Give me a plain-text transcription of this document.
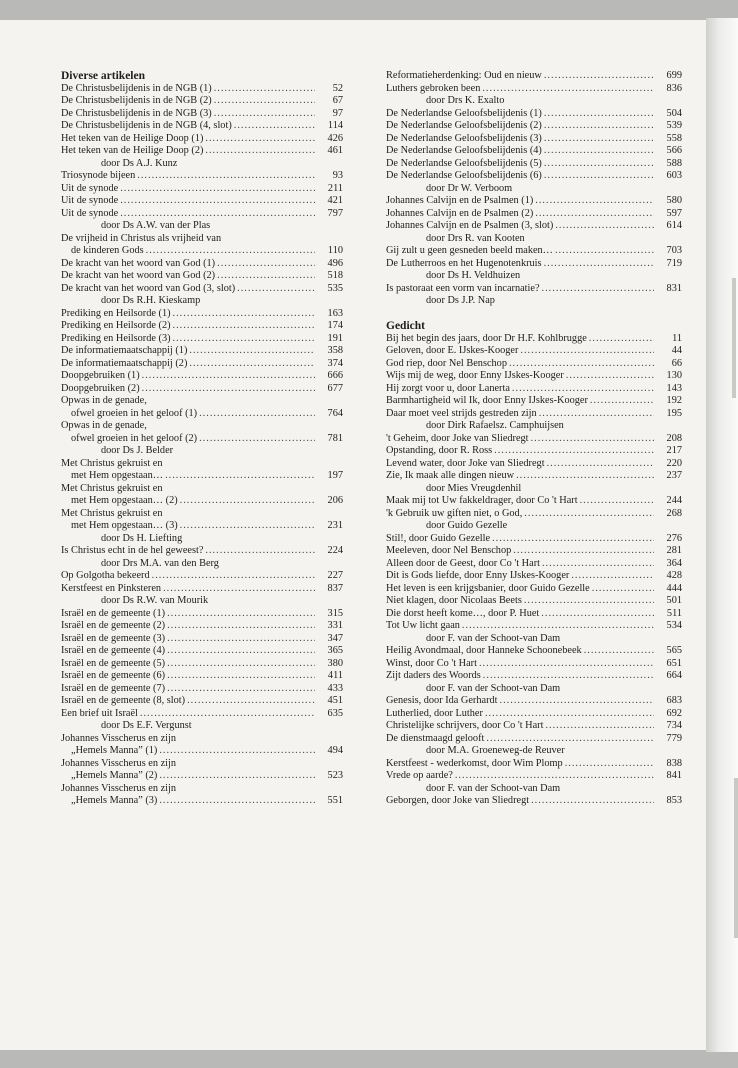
Diverse artikelen
De Christusbelijdenis in de NGB (1) .....	52
De Christusbelijdenis in de NGB (2) .....	67
De Christusbelijdenis in de NGB (3) .....	97
De Christusbelijdenis in de NGB (4, slot) .....	114
Het teken van de Heilige Doop (1) .....	426
Het teken van de Heilige Doop (2) .....	461
door Ds A.J. Kunz
Triosynode bijeen .....	93
Uit de synode .....	211
Uit de synode .....	421
Uit de synode .....	797
door Ds A.W. van der Plas
De vrijheid in Christus als vrijheid van
de kinderen Gods .....	110
De kracht van het woord van God (1) .....	496
De kracht van het woord van God (2) .....	518
De kracht van het woord van God (3, slot) .....	535
door Ds R.H. Kieskamp
Prediking en Heilsorde (1) .....	163
Prediking en Heilsorde (2) .....	174
Prediking en Heilsorde (3) .....	191
De informatiemaatschappij (1) .....	358
De informatiemaatschappij (2) .....	374
Doopgebruiken (1) .....	666
Doopgebruiken (2) .....	677
Opwas in de genade,
ofwel groeien in het geloof (1) .....	764
Opwas in de genade,
ofwel groeien in het geloof (2) .....	781
door Ds J. Belder
Met Christus gekruist en
met Hem opgestaan… .....	197
Met Christus gekruist en
met Hem opgestaan… (2) .....	206
Met Christus gekruist en
met Hem opgestaan… (3) .....	231
door Ds H. Liefting
Is Christus echt in de hel geweest? .....	224
door Drs M.A. van den Berg
Op Golgotha bekeerd .....	227
Kerstfeest en Pinksteren .....	837
door Ds R.W. van Mourik
Israël en de gemeente (1) .....	315
Israël en de gemeente (2) .....	331
Israël en de gemeente (3) .....	347
Israël en de gemeente (4) .....	365
Israël en de gemeente (5) .....	380
Israël en de gemeente (6) .....	411
Israël en de gemeente (7) .....	433
Israël en de gemeente (8, slot) .....	451
Een brief uit Israël .....	635
door Ds E.F. Vergunst
Johannes Visscherus en zijn
„Hemels Manna” (1) .....	494
Johannes Visscherus en zijn
„Hemels Manna” (2) .....	523
Johannes Visscherus en zijn
„Hemels Manna” (3) .....	551
Reformatieherdenking: Oud en nieuw .....	699
Luthers gebroken been .....	836
door Drs K. Exalto
De Nederlandse Geloofsbelijdenis (1) .....	504
De Nederlandse Geloofsbelijdenis (2) .....	539
De Nederlandse Geloofsbelijdenis (3) .....	558
De Nederlandse Geloofsbelijdenis (4) .....	566
De Nederlandse Geloofsbelijdenis (5) .....	588
De Nederlandse Geloofsbelijdenis (6) .....	603
door Dr W. Verboom
Johannes Calvijn en de Psalmen (1) .....	580
Johannes Calvijn en de Psalmen (2) .....	597
Johannes Calvijn en de Psalmen (3, slot) .....	614
door Drs R. van Kooten
Gij zult u geen gesneden beeld maken… .....	703
De Lutherroos en het Hugenotenkruis .....	719
door Ds H. Veldhuizen
Is pastoraat een vorm van incarnatie? .....	831
door Ds J.P. Nap
Gedicht
Bij het begin des jaars, door Dr H.F. Kohlbrugge .....	11
Geloven, door E. IJskes-Kooger .....	44
God riep, door Nel Benschop .....	66
Wijs mij de weg, door Enny IJskes-Kooger .....	130
Hij zorgt voor u, door Lanerta .....	143
Barmhartigheid wil Ik, door Enny IJskes-Kooger .....	192
Daar moet veel strijds gestreden zijn .....	195
door Dirk Rafaelsz. Camphuijsen
't Geheim, door Joke van Sliedregt .....	208
Opstanding, door R. Ross .....	217
Levend water, door Joke van Sliedregt .....	220
Zie, Ik maak alle dingen nieuw .....	237
door Mies Vreugdenhil
Maak mij tot Uw fakkeldrager, door Co 't Hart .....	244
'k Gebruik uw giften niet, o God, .....	268
door Guido Gezelle
Stil!, door Guido Gezelle .....	276
Meeleven, door Nel Benschop .....	281
Alleen door de Geest, door Co 't Hart .....	364
Dit is Gods liefde, door Enny IJskes-Kooger .....	428
Het leven is een krijgsbanier, door Guido Gezelle .....	444
Niet klagen, door Nicolaas Beets .....	501
Die dorst heeft kome…, door P. Huet .....	511
Tot Uw licht gaan .....	534
door F. van der Schoot-van Dam
Heilig Avondmaal, door Hanneke Schoonebeek .....	565
Winst, door Co 't Hart .....	651
Zijt daders des Woords .....	664
door F. van der Schoot-van Dam
Genesis, door Ida Gerhardt .....	683
Lutherlied, door Luther .....	692
Christelijke schrijvers, door Co 't Hart .....	734
De dienstmaagd gelooft .....	779
door M.A. Groeneweg-de Reuver
Kerstfeest - wederkomst, door Wim Plomp .....	838
Vrede op aarde? .....	841
door F. van der Schoot-van Dam
Geborgen, door Joke van Sliedregt .....	853
